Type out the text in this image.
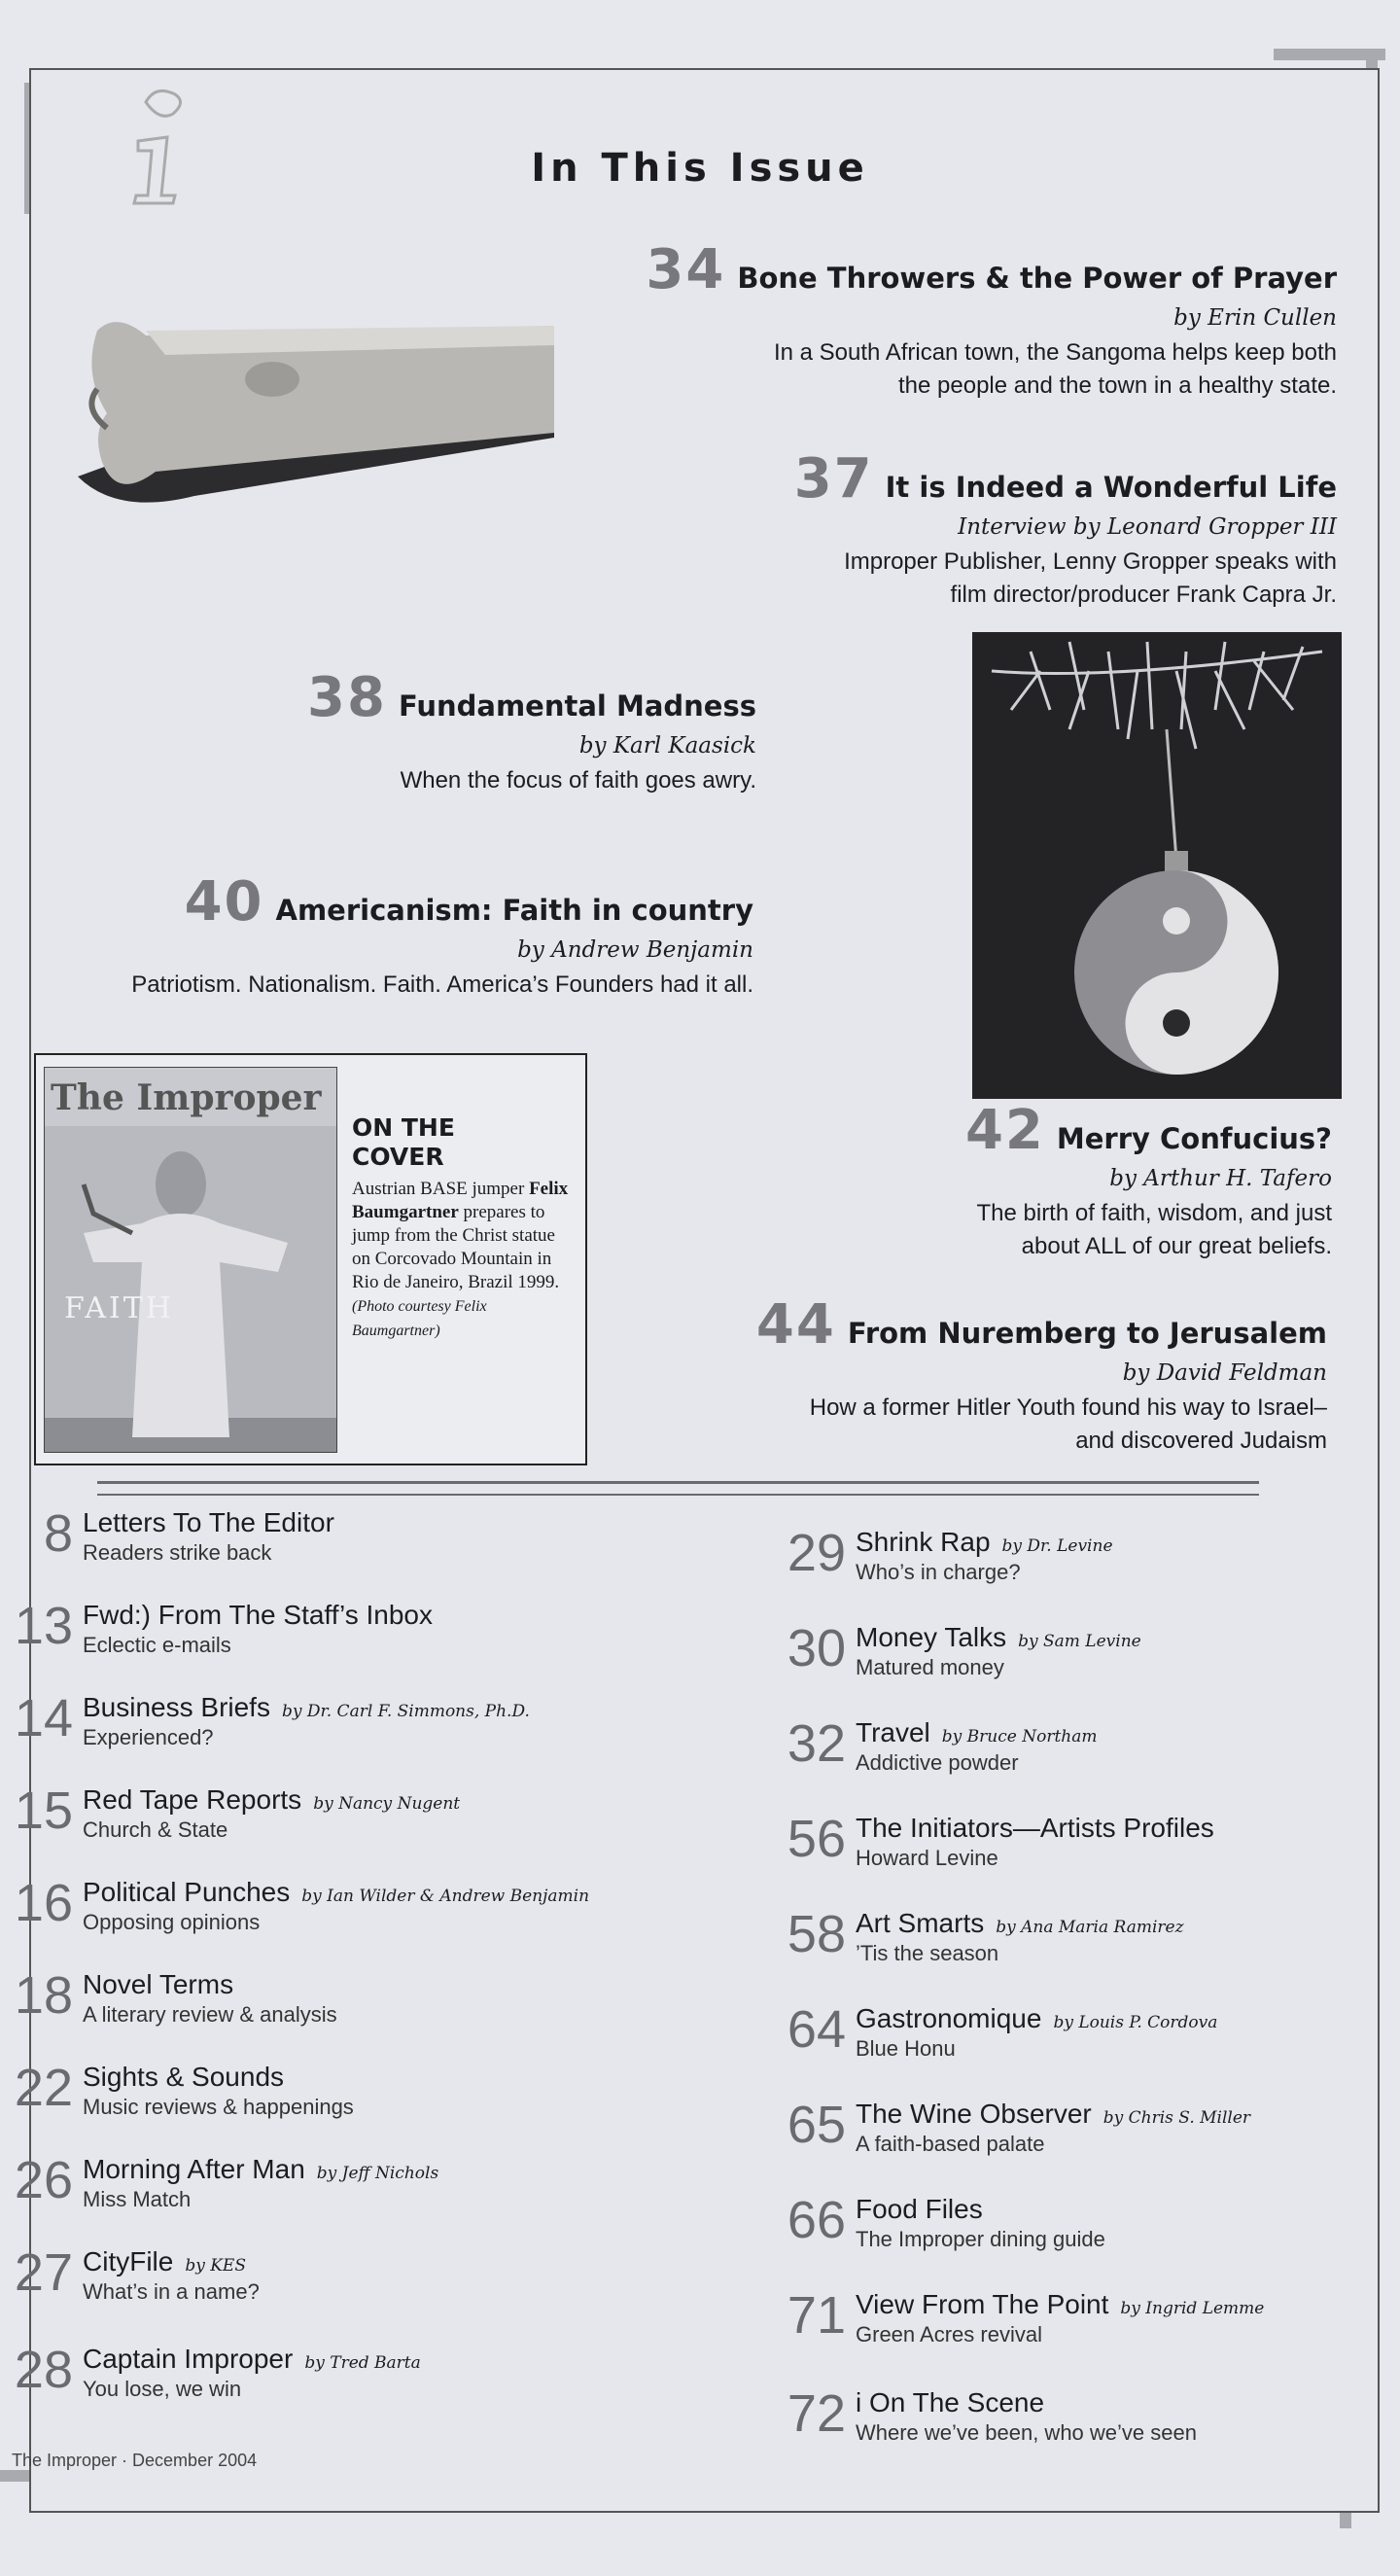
In This Issue
34 Bone Throwers & the Power of Prayer
by Erin Cullen
In a South African town, the Sangoma helps keep both
the people and the town in a healthy state.
37 It is Indeed a Wonderful Life
Interview by Leonard Gropper III
Improper Publisher, Lenny Gropper speaks with
film director/producer Frank Capra Jr.
38 Fundamental Madness
by Karl Kaasick
When the focus of faith goes awry.
40 Americanism: Faith in country
by Andrew Benjamin
Patriotism. Nationalism. Faith. America’s Founders had it all.
42 Merry Confucius?
by Arthur H. Tafero
The birth of faith, wisdom, and just
about ALL of our great beliefs.
44 From Nuremberg to Jerusalem
by David Feldman
How a former Hitler Youth found his way to Israel–
and discovered Judaism
The Improper
FAITH
ON THE
COVER
Austrian BASE jumper Felix Baumgartner prepares to jump from the Christ statue on Corcovado Mountain in Rio de Janeiro, Brazil 1999. (Photo courtesy Felix Baumgartner)
8 Letters To The Editor
Readers strike back
13 Fwd:) From The Staff’s Inbox
Eclectic e-mails
14 Business Briefs by Dr. Carl F. Simmons, Ph.D.
Experienced?
15 Red Tape Reports by Nancy Nugent
Church & State
16 Political Punches by Ian Wilder & Andrew Benjamin
Opposing opinions
18 Novel Terms
A literary review & analysis
22 Sights & Sounds
Music reviews & happenings
26 Morning After Man by Jeff Nichols
Miss Match
27 CityFile by KES
What’s in a name?
28 Captain Improper by Tred Barta
You lose, we win
29 Shrink Rap by Dr. Levine
Who’s in charge?
30 Money Talks by Sam Levine
Matured money
32 Travel by Bruce Northam
Addictive powder
56 The Initiators—Artists Profiles
Howard Levine
58 Art Smarts by Ana Maria Ramirez
’Tis the season
64 Gastronomique by Louis P. Cordova
Blue Honu
65 The Wine Observer by Chris S. Miller
A faith-based palate
66 Food Files
The Improper dining guide
71 View From The Point by Ingrid Lemme
Green Acres revival
72 i On The Scene
Where we’ve been, who we’ve seen
The Improper · December 2004
